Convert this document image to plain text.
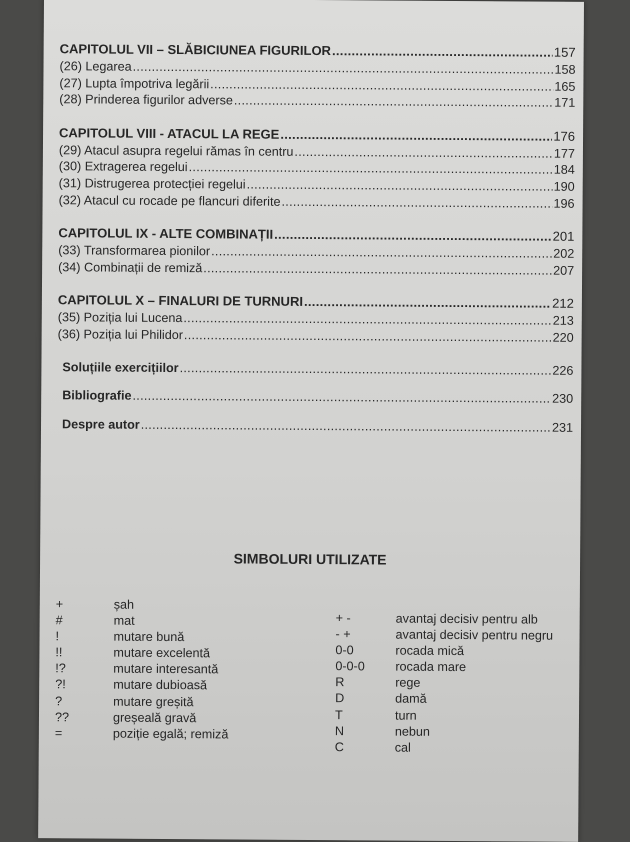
CAPITOLUL VII – SLĂBICIUNEA FIGURILOR .....	157
(26) Legarea .....	158
(27) Lupta împotriva legării .....	165
(28) Prinderea figurilor adverse .....	171
CAPITOLUL VIII - ATACUL LA REGE .....	176
(29) Atacul asupra regelui rămas în centru .....	177
(30) Extragerea regelui .....	184
(31) Distrugerea protecției regelui .....	190
(32) Atacul cu rocade pe flancuri diferite .....	196
CAPITOLUL IX - ALTE COMBINAȚII .....	201
(33) Transformarea pionilor .....	202
(34) Combinații de remiză .....	207
CAPITOLUL X – FINALURI DE TURNURI .....	212
(35) Poziția lui Lucena .....	213
(36) Poziția lui Philidor .....	220
Soluțiile exercițiilor .....	226
Bibliografie .....	230
Despre autor .....	231
SIMBOLURI UTILIZATE
+	șah
#	mat
!	mutare bună
!!	mutare excelentă
!?	mutare interesantă
?!	mutare dubioasă
?	mutare greșită
??	greșeală gravă
=	poziție egală; remiză
+ -	avantaj decisiv pentru alb
- +	avantaj decisiv pentru negru
0-0	rocada mică
0-0-0	rocada mare
R	rege
D	damă
T	turn
N	nebun
C	cal
